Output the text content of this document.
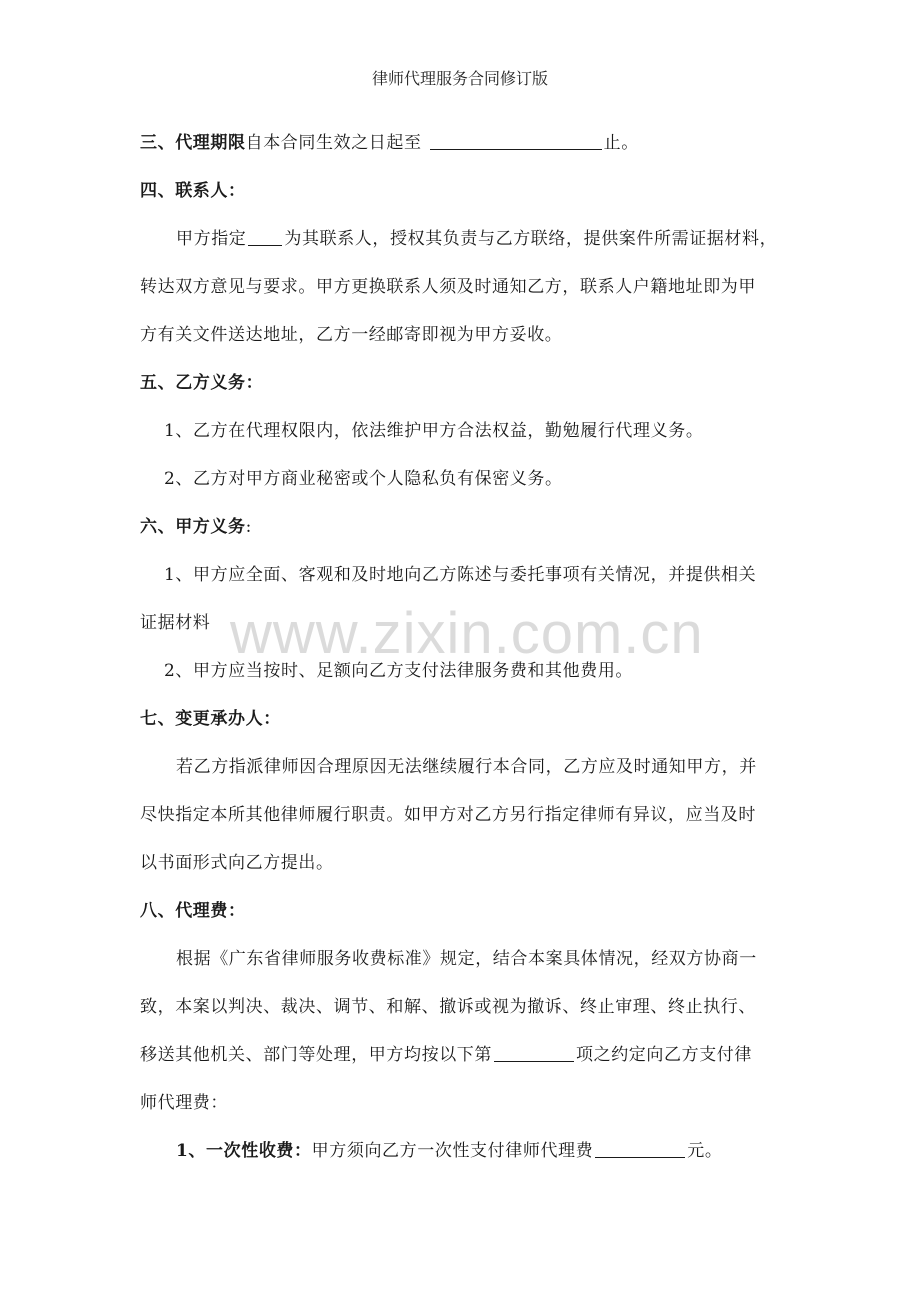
律师代理服务合同修订版
www.zixin.com.cn
三、代理期限自本合同生效之日起至	止。
四、联系人：
甲方指定 为其联系人，授权其负责与乙方联络，提供案件所需证据材料，
转达双方意见与要求。甲方更换联系人须及时通知乙方，联系人户籍地址即为甲
方有关文件送达地址，乙方一经邮寄即视为甲方妥收。
五、乙方义务：
1、乙方在代理权限内，依法维护甲方合法权益，勤勉履行代理义务。
2、乙方对甲方商业秘密或个人隐私负有保密义务。
六、甲方义务:
1、甲方应全面、客观和及时地向乙方陈述与委托事项有关情况，并提供相关
证据材料
2、甲方应当按时、足额向乙方支付法律服务费和其他费用。
七、变更承办人：
若乙方指派律师因合理原因无法继续履行本合同，乙方应及时通知甲方，并
尽快指定本所其他律师履行职责。如甲方对乙方另行指定律师有异议，应当及时
以书面形式向乙方提出。
八、代理费：
根据《广东省律师服务收费标准》规定，结合本案具体情况，经双方协商一
致，本案以判决、裁决、调节、和解、撤诉或视为撤诉、终止审理、终止执行、
移送其他机关、部门等处理，甲方均按以下第	项之约定向乙方支付律
师代理费：
1、一次性收费：甲方须向乙方一次性支付律师代理费	元。
